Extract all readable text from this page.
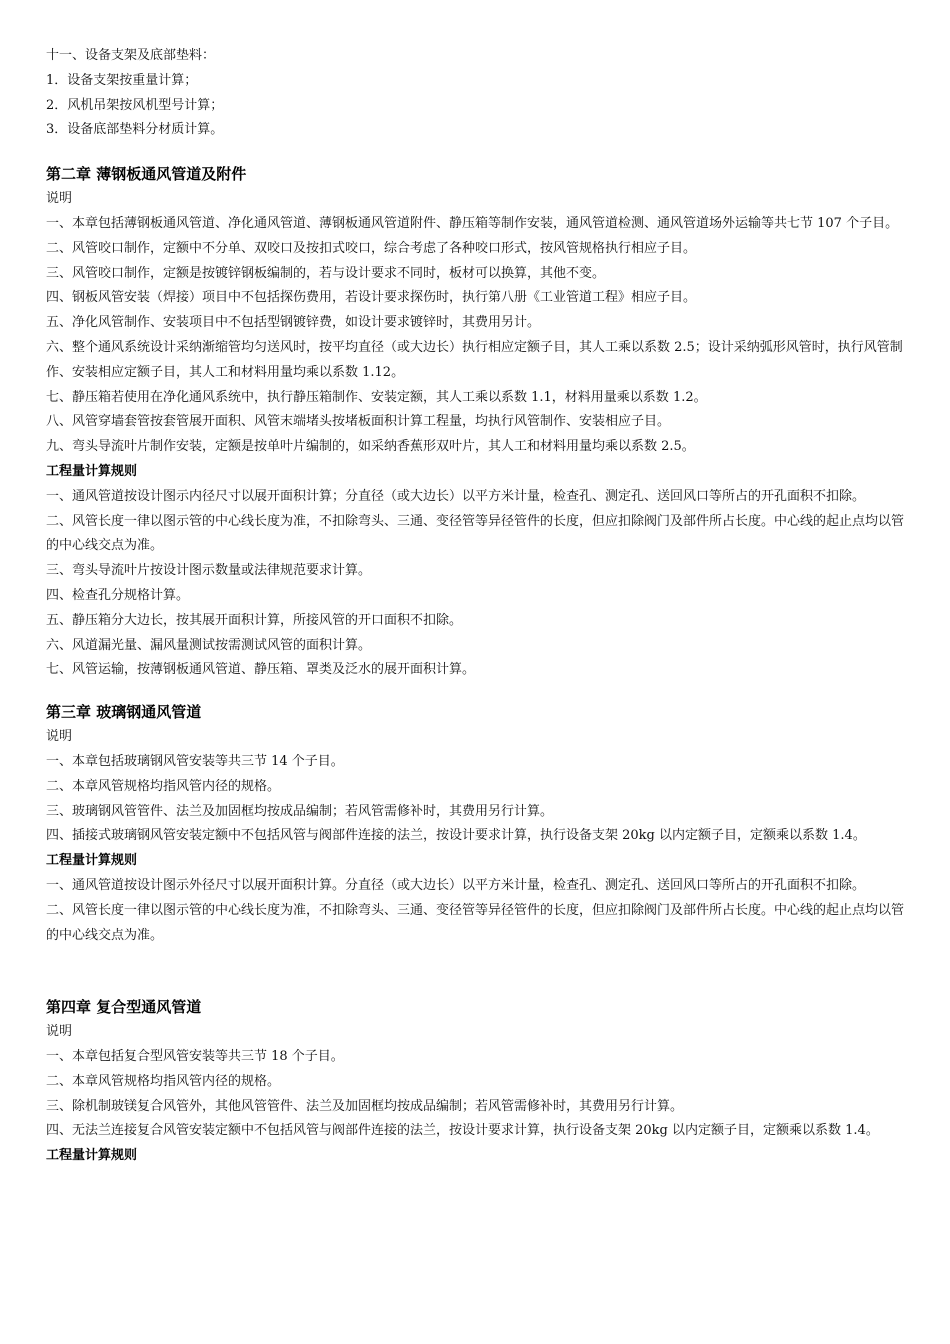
十一、设备支架及底部垫料：

1．设备支架按重量计算；

2．风机吊架按风机型号计算；

3．设备底部垫料分材质计算。

第二章 薄钢板通风管道及附件

说明

一、本章包括薄钢板通风管道、净化通风管道、薄钢板通风管道附件、静压箱等制作安装，通风管道检测、通风管道场外运输等共七节 107 个子目。

二、风管咬口制作，定额中不分单、双咬口及按扣式咬口，综合考虑了各种咬口形式，按风管规格执行相应子目。

三、风管咬口制作，定额是按镀锌钢板编制的，若与设计要求不同时，板材可以换算，其他不变。

四、钢板风管安装（焊接）项目中不包括探伤费用，若设计要求探伤时，执行第八册《工业管道工程》相应子目。

五、净化风管制作、安装项目中不包括型钢镀锌费，如设计要求镀锌时，其费用另计。

六、整个通风系统设计采纳渐缩管均匀送风时，按平均直径（或大边长）执行相应定额子目，其人工乘以系数 2.5；设计采纳弧形风管时，执行风管制作、安装相应定额子目，其人工和材料用量均乘以系数 1.12。

七、静压箱若使用在净化通风系统中，执行静压箱制作、安装定额，其人工乘以系数 1.1，材料用量乘以系数 1.2。

八、风管穿墙套管按套管展开面积、风管末端堵头按堵板面积计算工程量，均执行风管制作、安装相应子目。

九、弯头导流叶片制作安装，定额是按单叶片编制的，如采纳香蕉形双叶片，其人工和材料用量均乘以系数 2.5。

工程量计算规则

一、通风管道按设计图示内径尺寸以展开面积计算；分直径（或大边长）以平方米计量，检查孔、测定孔、送回风口等所占的开孔面积不扣除。

二、风管长度一律以图示管的中心线长度为准，不扣除弯头、三通、变径管等异径管件的长度，但应扣除阀门及部件所占长度。中心线的起止点均以管的中心线交点为准。

三、弯头导流叶片按设计图示数量或法律规范要求计算。

四、检查孔分规格计算。

五、静压箱分大边长，按其展开面积计算，所接风管的开口面积不扣除。

六、风道漏光量、漏风量测试按需测试风管的面积计算。

七、风管运输，按薄钢板通风管道、静压箱、罩类及泛水的展开面积计算。

第三章 玻璃钢通风管道

说明

一、本章包括玻璃钢风管安装等共三节 14 个子目。

二、本章风管规格均指风管内径的规格。

三、玻璃钢风管管件、法兰及加固框均按成品编制；若风管需修补时，其费用另行计算。

四、插接式玻璃钢风管安装定额中不包括风管与阀部件连接的法兰，按设计要求计算，执行设备支架 20kg 以内定额子目，定额乘以系数 1.4。

工程量计算规则

一、通风管道按设计图示外径尺寸以展开面积计算。分直径（或大边长）以平方米计量，检查孔、测定孔、送回风口等所占的开孔面积不扣除。

二、风管长度一律以图示管的中心线长度为准，不扣除弯头、三通、变径管等异径管件的长度，但应扣除阀门及部件所占长度。中心线的起止点均以管的中心线交点为准。

第四章 复合型通风管道

说明

一、本章包括复合型风管安装等共三节 18 个子目。

二、本章风管规格均指风管内径的规格。

三、除机制玻镁复合风管外，其他风管管件、法兰及加固框均按成品编制；若风管需修补时，其费用另行计算。

四、无法兰连接复合风管安装定额中不包括风管与阀部件连接的法兰，按设计要求计算，执行设备支架 20kg 以内定额子目，定额乘以系数 1.4。

工程量计算规则
